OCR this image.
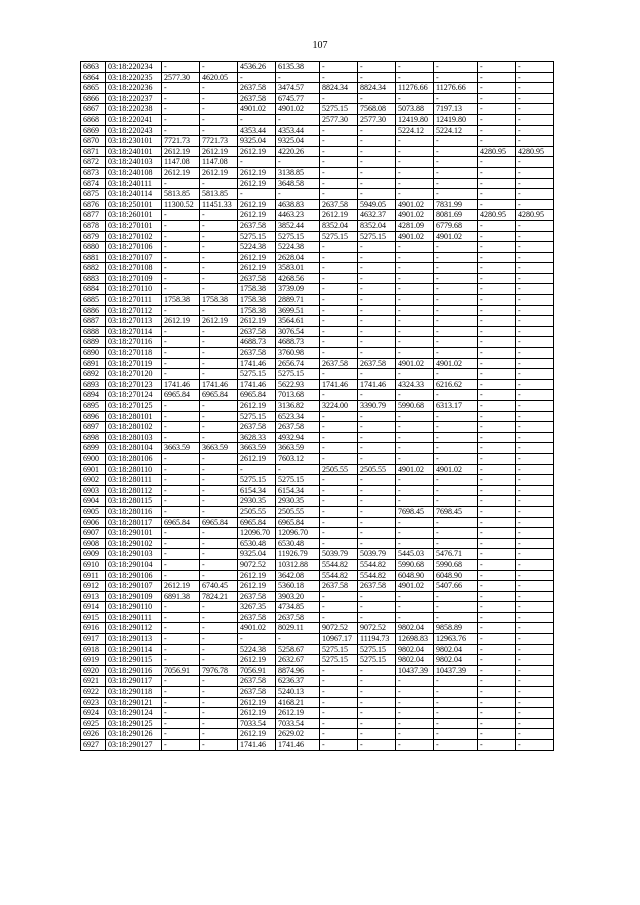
107
6863	03:18:220234	-	-	4536.26	6135.38	-	-	-	-	-	-
6864	03:18:220235	2577.30	4620.05	-	-	-	-	-	-	-	-
6865	03:18:220236	-	-	2637.58	3474.57	8824.34	8824.34	11276.66	11276.66	-	-
6866	03:18:220237	-	-	2637.58	6745.77	-	-	-	-	-	-
6867	03:18:220238	-	-	4901.02	4901.02	5275.15	7568.08	5073.88	7197.13	-	-
6868	03:18:220241	-	-	-	-	2577.30	2577.30	12419.80	12419.80	-	-
6869	03:18:220243	-	-	4353.44	4353.44	-	-	5224.12	5224.12	-	-
6870	03:18:230101	7721.73	7721.73	9325.04	9325.04	-	-	-	-	-	-
6871	03:18:240101	2612.19	2612.19	2612.19	4220.26	-	-	-	-	4280.95	4280.95
6872	03:18:240103	1147.08	1147.08	-	-	-	-	-	-	-	-
6873	03:18:240108	2612.19	2612.19	2612.19	3138.85	-	-	-	-	-	-
6874	03:18:240111	-	-	2612.19	3648.58	-	-	-	-	-	-
6875	03:18:240114	5813.85	5813.85	-	-	-	-	-	-	-	-
6876	03:18:250101	11300.52	11451.33	2612.19	4638.83	2637.58	5949.05	4901.02	7831.99	-	-
6877	03:18:260101	-	-	2612.19	4463.23	2612.19	4632.37	4901.02	8081.69	4280.95	4280.95
6878	03:18:270101	-	-	2637.58	3852.44	8352.04	8352.04	4281.09	6779.68	-	-
6879	03:18:270102	-	-	5275.15	5275.15	5275.15	5275.15	4901.02	4901.02	-	-
6880	03:18:270106	-	-	5224.38	5224.38	-	-	-	-	-	-
6881	03:18:270107	-	-	2612.19	2628.04	-	-	-	-	-	-
6882	03:18:270108	-	-	2612.19	3583.01	-	-	-	-	-	-
6883	03:18:270109	-	-	2637.58	4268.56	-	-	-	-	-	-
6884	03:18:270110	-	-	1758.38	3739.09	-	-	-	-	-	-
6885	03:18:270111	1758.38	1758.38	1758.38	2889.71	-	-	-	-	-	-
6886	03:18:270112	-	-	1758.38	3699.51	-	-	-	-	-	-
6887	03:18:270113	2612.19	2612.19	2612.19	3564.61	-	-	-	-	-	-
6888	03:18:270114	-	-	2637.58	3076.54	-	-	-	-	-	-
6889	03:18:270116	-	-	4688.73	4688.73	-	-	-	-	-	-
6890	03:18:270118	-	-	2637.58	3760.98	-	-	-	-	-	-
6891	03:18:270119	-	-	1741.46	2656.74	2637.58	2637.58	4901.02	4901.02	-	-
6892	03:18:270120	-	-	5275.15	5275.15	-	-	-	-	-	-
6893	03:18:270123	1741.46	1741.46	1741.46	5622.93	1741.46	1741.46	4324.33	6216.62	-	-
6894	03:18:270124	6965.84	6965.84	6965.84	7013.68	-	-	-	-	-	-
6895	03:18:270125	-	-	2612.19	3136.82	3224.00	3390.79	5990.68	6313.17	-	-
6896	03:18:280101	-	-	5275.15	6523.34	-	-	-	-	-	-
6897	03:18:280102	-	-	2637.58	2637.58	-	-	-	-	-	-
6898	03:18:280103	-	-	3628.33	4932.94	-	-	-	-	-	-
6899	03:18:280104	3663.59	3663.59	3663.59	3663.59	-	-	-	-	-	-
6900	03:18:280106	-	-	2612.19	7603.12	-	-	-	-	-	-
6901	03:18:280110	-	-	-	-	2505.55	2505.55	4901.02	4901.02	-	-
6902	03:18:280111	-	-	5275.15	5275.15	-	-	-	-	-	-
6903	03:18:280112	-	-	6154.34	6154.34	-	-	-	-	-	-
6904	03:18:280115	-	-	2930.35	2930.35	-	-	-	-	-	-
6905	03:18:280116	-	-	2505.55	2505.55	-	-	7698.45	7698.45	-	-
6906	03:18:280117	6965.84	6965.84	6965.84	6965.84	-	-	-	-	-	-
6907	03:18:290101	-	-	12096.70	12096.70	-	-	-	-	-	-
6908	03:18:290102	-	-	6530.48	6530.48	-	-	-	-	-	-
6909	03:18:290103	-	-	9325.04	11926.79	5039.79	5039.79	5445.03	5476.71	-	-
6910	03:18:290104	-	-	9072.52	10312.88	5544.82	5544.82	5990.68	5990.68	-	-
6911	03:18:290106	-	-	2612.19	3642.08	5544.82	5544.82	6048.90	6048.90	-	-
6912	03:18:290107	2612.19	6740.45	2612.19	5360.18	2637.58	2637.58	4901.02	5407.66	-	-
6913	03:18:290109	6891.38	7824.21	2637.58	3903.20	-	-	-	-	-	-
6914	03:18:290110	-	-	3267.35	4734.85	-	-	-	-	-	-
6915	03:18:290111	-	-	2637.58	2637.58	-	-	-	-	-	-
6916	03:18:290112	-	-	4901.02	8029.11	9072.52	9072.52	9802.04	9858.89	-	-
6917	03:18:290113	-	-	-	-	10967.17	11194.73	12698.83	12963.76	-	-
6918	03:18:290114	-	-	5224.38	5258.67	5275.15	5275.15	9802.04	9802.04	-	-
6919	03:18:290115	-	-	2612.19	2632.67	5275.15	5275.15	9802.04	9802.04	-	-
6920	03:18:290116	7056.91	7976.78	7056.91	8874.96	-	-	10437.39	10437.39	-	-
6921	03:18:290117	-	-	2637.58	6236.37	-	-	-	-	-	-
6922	03:18:290118	-	-	2637.58	5240.13	-	-	-	-	-	-
6923	03:18:290121	-	-	2612.19	4168.21	-	-	-	-	-	-
6924	03:18:290124	-	-	2612.19	2612.19	-	-	-	-	-	-
6925	03:18:290125	-	-	7033.54	7033.54	-	-	-	-	-	-
6926	03:18:290126	-	-	2612.19	2629.02	-	-	-	-	-	-
6927	03:18:290127	-	-	1741.46	1741.46	-	-	-	-	-	-
